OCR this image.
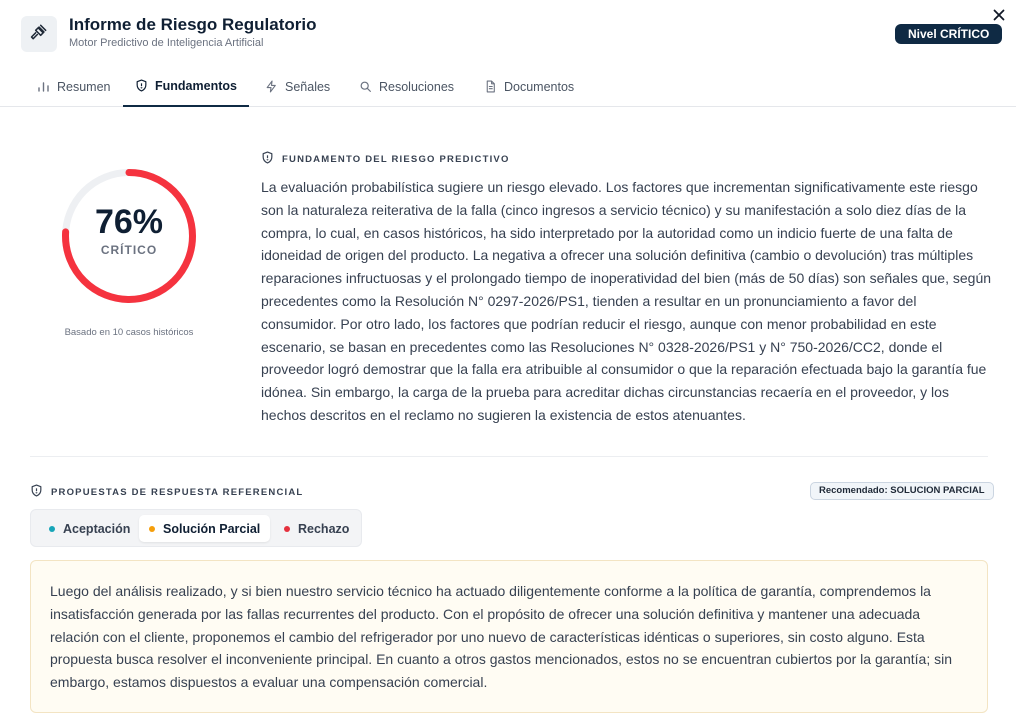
Informe de Riesgo Regulatorio
Motor Predictivo de Inteligencia Artificial
Nivel CRÍTICO
Resumen	Fundamentos	Señales	Resoluciones	Documentos
76%
CRÍTICO
Basado en 10 casos históricos
FUNDAMENTO DEL RIESGO PREDICTIVO
La evaluación probabilística sugiere un riesgo elevado. Los factores que incrementan significativamente este riesgo son la naturaleza reiterativa de la falla (cinco ingresos a servicio técnico) y su manifestación a solo diez días de la compra, lo cual, en casos históricos, ha sido interpretado por la autoridad como un indicio fuerte de una falta de idoneidad de origen del producto. La negativa a ofrecer una solución definitiva (cambio o devolución) tras múltiples reparaciones infructuosas y el prolongado tiempo de inoperatividad del bien (más de 50 días) son señales que, según precedentes como la Resolución N° 0297-2026/PS1, tienden a resultar en un pronunciamiento a favor del consumidor. Por otro lado, los factores que podrían reducir el riesgo, aunque con menor probabilidad en este escenario, se basan en precedentes como las Resoluciones N° 0328-2026/PS1 y N° 750-2026/CC2, donde el proveedor logró demostrar que la falla era atribuible al consumidor o que la reparación efectuada bajo la garantía fue idónea. Sin embargo, la carga de la prueba para acreditar dichas circunstancias recaería en el proveedor, y los hechos descritos en el reclamo no sugieren la existencia de estos atenuantes.
PROPUESTAS DE RESPUESTA REFERENCIAL	Recomendado: SOLUCION PARCIAL
Aceptación	Solución Parcial	Rechazo
Luego del análisis realizado, y si bien nuestro servicio técnico ha actuado diligentemente conforme a la política de garantía, comprendemos la insatisfacción generada por las fallas recurrentes del producto. Con el propósito de ofrecer una solución definitiva y mantener una adecuada relación con el cliente, proponemos el cambio del refrigerador por uno nuevo de características idénticas o superiores, sin costo alguno. Esta propuesta busca resolver el inconveniente principal. En cuanto a otros gastos mencionados, estos no se encuentran cubiertos por la garantía; sin embargo, estamos dispuestos a evaluar una compensación comercial.
